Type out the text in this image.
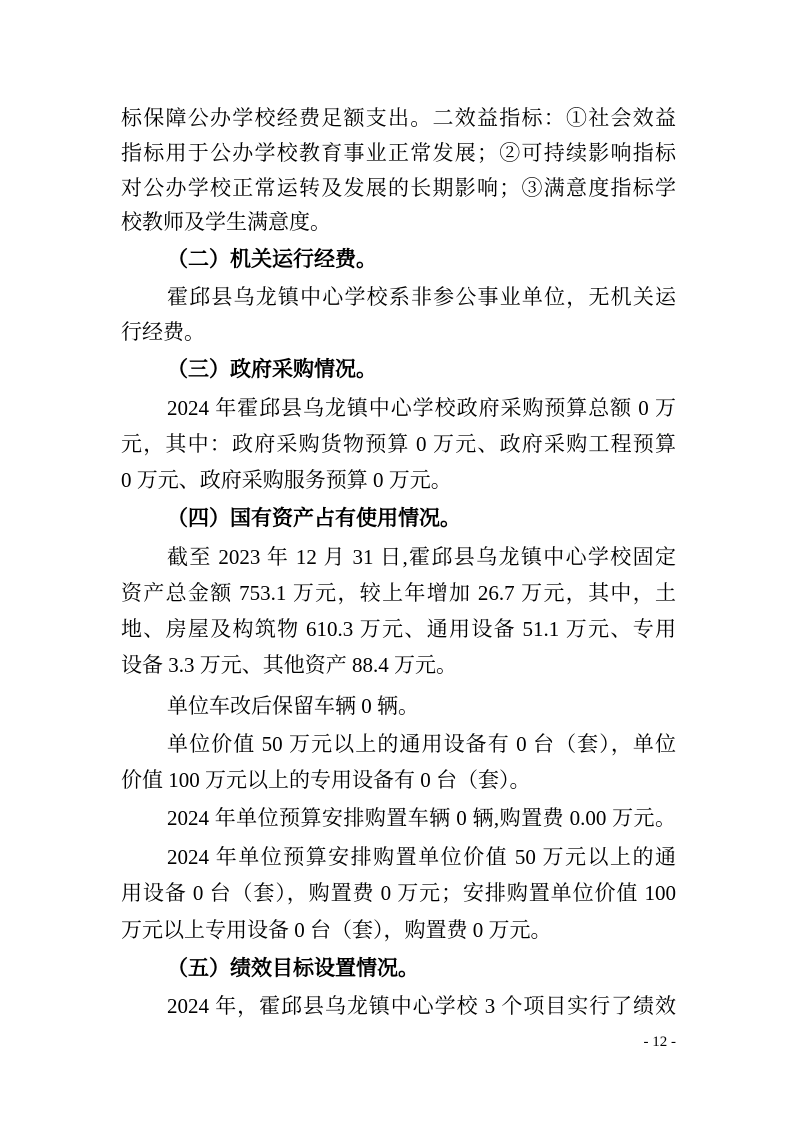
标保障公办学校经费足额支出。二效益指标：①社会效益
指标用于公办学校教育事业正常发展；②可持续影响指标
对公办学校正常运转及发展的长期影响；③满意度指标学
校教师及学生满意度。
（二）机关运行经费。
霍邱县乌龙镇中心学校系非参公事业单位，无机关运
行经费。
（三）政府采购情况。
2024 年霍邱县乌龙镇中心学校政府采购预算总额 0 万
元，其中：政府采购货物预算 0 万元、政府采购工程预算
0 万元、政府采购服务预算 0 万元。
（四）国有资产占有使用情况。
截至 2023 年 12 月 31 日,霍邱县乌龙镇中心学校固定
资产总金额 753.1 万元，较上年增加 26.7 万元，其中，土
地、房屋及构筑物 610.3 万元、通用设备 51.1 万元、专用
设备 3.3 万元、其他资产 88.4 万元。
单位车改后保留车辆 0 辆。
单位价值 50 万元以上的通用设备有 0 台（套），单位
价值 100 万元以上的专用设备有 0 台（套）。
2024 年单位预算安排购置车辆 0 辆,购置费 0.00 万元。
2024 年单位预算安排购置单位价值 50 万元以上的通
用设备 0 台（套），购置费 0 万元；安排购置单位价值 100
万元以上专用设备 0 台（套），购置费 0 万元。
（五）绩效目标设置情况。
2024 年，霍邱县乌龙镇中心学校 3 个项目实行了绩效
- 12 -
